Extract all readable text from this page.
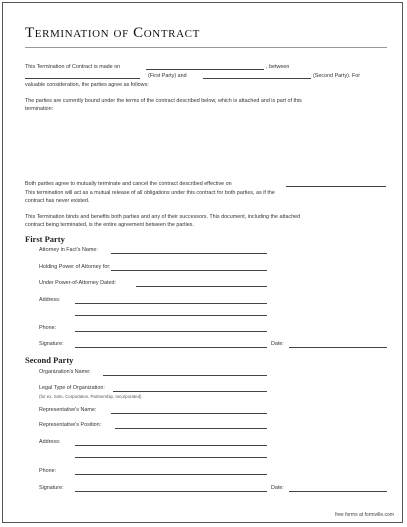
Termination of Contract
This Termination of Contract is made on	, between
(First Party) and	(Second Party). For
valuable consideration, the parties agree as follows:
The parties are currently bound under the terms of the contract described below, which is attached and is part of this
termination:
Both parties agree to mutually terminate and cancel the contract described effective on
This termination will act as a mutual release of all obligations under this contract for both parties, as if the
contract has never existed.
This Termination binds and benefits both parties and any of their successors. This document, including the attached
contract being terminated, is the entire agreement between the parties.
First Party
Attorney in Fact's Name:
Holding Power of Attorney for:
Under Power-of-Attorney Dated:
Address:
Phone:
Signature:	Date:
Second Party
Organization's Name:
Legal Type of Organization:
(for ex. Sole, Corporation, Partnership, Incorporated)
Representative's Name:
Representative's Position:
Address:
Phone:
Signature:	Date:
free forms at formville.com
